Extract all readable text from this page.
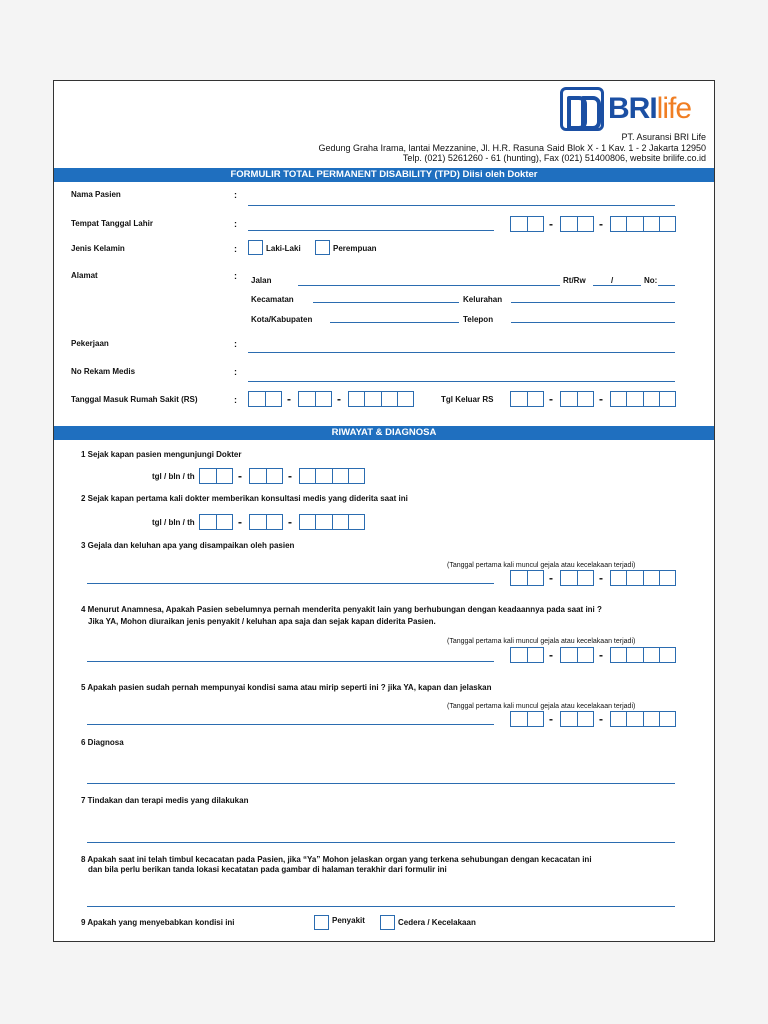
BRIlife
PT. Asuransi BRI Life
Gedung Graha Irama, lantai Mezzanine, Jl. H.R. Rasuna Said Blok X - 1 Kav. 1 - 2 Jakarta 12950
Telp. (021) 5261260 - 61 (hunting), Fax (021) 51400806, website brilife.co.id
FORMULIR TOTAL PERMANENT DISABILITY (TPD) Diisi oleh Dokter
Nama Pasien	:
Tempat Tanggal Lahir	:	-	-
Jenis Kelamin	:	Laki-Laki	Perempuan
Alamat	: Jalan	Rt/Rw	/	No:
Kecamatan	Kelurahan
Kota/Kabupaten	Telepon
Pekerjaan	:
No Rekam Medis	:
Tanggal Masuk Rumah Sakit (RS)	:	-	-	Tgl Keluar RS	-	-
RIWAYAT & DIAGNOSA
1 Sejak kapan pasien mengunjungi Dokter
tgl / bln / th	-	-
2 Sejak kapan pertama kali dokter memberikan konsultasi medis yang diderita saat ini
tgl / bln / th	-	-
3 Gejala dan keluhan apa yang disampaikan oleh pasien
(Tanggal pertama kali muncul gejala atau kecelakaan terjadi)
-	-
4 Menurut Anamnesa, Apakah Pasien sebelumnya pernah menderita penyakit lain yang berhubungan dengan keadaannya pada saat ini ?
Jika YA, Mohon diuraikan jenis penyakit / keluhan apa saja dan sejak kapan diderita Pasien.
(Tanggal pertama kali muncul gejala atau kecelakaan terjadi)
-	-
5 Apakah pasien sudah pernah mempunyai kondisi sama atau mirip seperti ini ? jika YA, kapan dan jelaskan
(Tanggal pertama kali muncul gejala atau kecelakaan terjadi)
-	-
6 Diagnosa
7 Tindakan dan terapi medis yang dilakukan
8 Apakah saat ini telah timbul kecacatan pada Pasien, jika “Ya” Mohon jelaskan organ yang terkena sehubungan dengan kecacatan ini
dan bila perlu berikan tanda lokasi kecatatan pada gambar di halaman terakhir dari formulir ini
9 Apakah yang menyebabkan kondisi ini	Penyakit	Cedera / Kecelakaan
